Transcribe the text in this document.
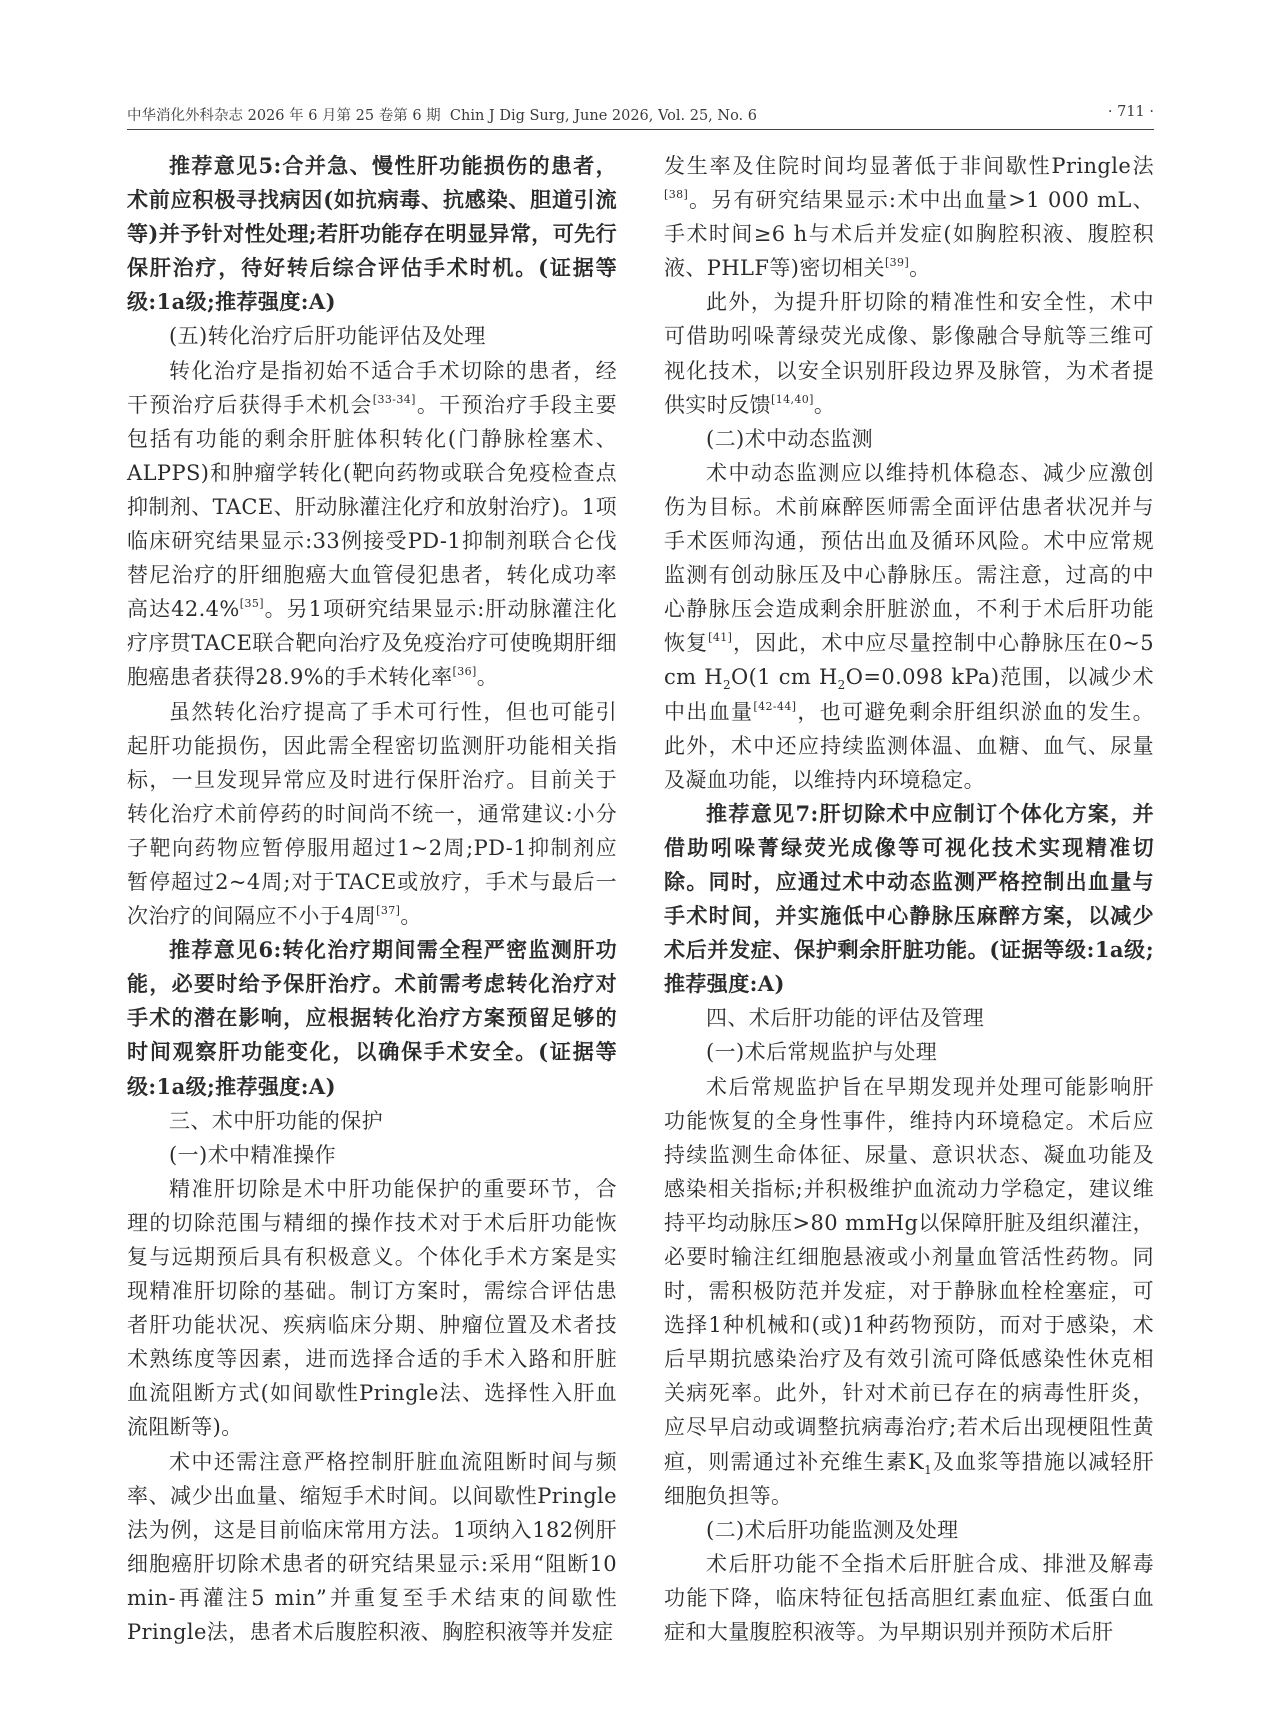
中华消化外科杂志 2026 年 6 月第 25 卷第 6 期 Chin J Dig Surg, June 2026, Vol. 25, No. 6	· 711 ·

推荐意见5:合并急、慢性肝功能损伤的患者，术前应积极寻找病因(如抗病毒、抗感染、胆道引流等)并予针对性处理;若肝功能存在明显异常，可先行保肝治疗，待好转后综合评估手术时机。(证据等级:1a级;推荐强度:A)

(五)转化治疗后肝功能评估及处理

转化治疗是指初始不适合手术切除的患者，经干预治疗后获得手术机会[33-34]。干预治疗手段主要包括有功能的剩余肝脏体积转化(门静脉栓塞术、ALPPS)和肿瘤学转化(靶向药物或联合免疫检查点抑制剂、TACE、肝动脉灌注化疗和放射治疗)。1项临床研究结果显示:33例接受PD-1抑制剂联合仑伐替尼治疗的肝细胞癌大血管侵犯患者，转化成功率高达42.4%[35]。另1项研究结果显示:肝动脉灌注化疗序贯TACE联合靶向治疗及免疫治疗可使晚期肝细胞癌患者获得28.9%的手术转化率[36]。

虽然转化治疗提高了手术可行性，但也可能引起肝功能损伤，因此需全程密切监测肝功能相关指标，一旦发现异常应及时进行保肝治疗。目前关于转化治疗术前停药的时间尚不统一，通常建议:小分子靶向药物应暂停服用超过1~2周;PD-1抑制剂应暂停超过2~4周;对于TACE或放疗，手术与最后一次治疗的间隔应不小于4周[37]。

推荐意见6:转化治疗期间需全程严密监测肝功能，必要时给予保肝治疗。术前需考虑转化治疗对手术的潜在影响，应根据转化治疗方案预留足够的时间观察肝功能变化，以确保手术安全。(证据等级:1a级;推荐强度:A)

三、术中肝功能的保护

(一)术中精准操作

精准肝切除是术中肝功能保护的重要环节，合理的切除范围与精细的操作技术对于术后肝功能恢复与远期预后具有积极意义。个体化手术方案是实现精准肝切除的基础。制订方案时，需综合评估患者肝功能状况、疾病临床分期、肿瘤位置及术者技术熟练度等因素，进而选择合适的手术入路和肝脏血流阻断方式(如间歇性Pringle法、选择性入肝血流阻断等)。

术中还需注意严格控制肝脏血流阻断时间与频率、减少出血量、缩短手术时间。以间歇性Pringle法为例，这是目前临床常用方法。1项纳入182例肝细胞癌肝切除术患者的研究结果显示:采用“阻断10 min-再灌注5 min”并重复至手术结束的间歇性Pringle法，患者术后腹腔积液、胸腔积液等并发症

发生率及住院时间均显著低于非间歇性Pringle法[38]。另有研究结果显示:术中出血量>1 000 mL、手术时间≥6 h与术后并发症(如胸腔积液、腹腔积液、PHLF等)密切相关[39]。

此外，为提升肝切除的精准性和安全性，术中可借助吲哚菁绿荧光成像、影像融合导航等三维可视化技术，以安全识别肝段边界及脉管，为术者提供实时反馈[14,40]。

(二)术中动态监测

术中动态监测应以维持机体稳态、减少应激创伤为目标。术前麻醉医师需全面评估患者状况并与手术医师沟通，预估出血及循环风险。术中应常规监测有创动脉压及中心静脉压。需注意，过高的中心静脉压会造成剩余肝脏淤血，不利于术后肝功能恢复[41]，因此，术中应尽量控制中心静脉压在0~5 cm $H_2O(1$ cm $H_2O=0.098$ kPa)范围，以减少术中出血量[42-44]，也可避免剩余肝组织淤血的发生。此外，术中还应持续监测体温、血糖、血气、尿量及凝血功能，以维持内环境稳定。

推荐意见7:肝切除术中应制订个体化方案，并借助吲哚菁绿荧光成像等可视化技术实现精准切除。同时，应通过术中动态监测严格控制出血量与手术时间，并实施低中心静脉压麻醉方案，以减少术后并发症、保护剩余肝脏功能。(证据等级:1a级;推荐强度:A)

四、术后肝功能的评估及管理

(一)术后常规监护与处理

术后常规监护旨在早期发现并处理可能影响肝功能恢复的全身性事件，维持内环境稳定。术后应持续监测生命体征、尿量、意识状态、凝血功能及感染相关指标;并积极维护血流动力学稳定，建议维持平均动脉压>80 mmHg以保障肝脏及组织灌注，必要时输注红细胞悬液或小剂量血管活性药物。同时，需积极防范并发症，对于静脉血栓栓塞症，可选择1种机械和(或)1种药物预防，而对于感染，术后早期抗感染治疗及有效引流可降低感染性休克相关病死率。此外，针对术前已存在的病毒性肝炎，应尽早启动或调整抗病毒治疗;若术后出现梗阻性黄疸，则需通过补充维生素$K_1$及血浆等措施以减轻肝细胞负担等。

(二)术后肝功能监测及处理

术后肝功能不全指术后肝脏合成、排泄及解毒功能下降，临床特征包括高胆红素血症、低蛋白血症和大量腹腔积液等。为早期识别并预防术后肝
